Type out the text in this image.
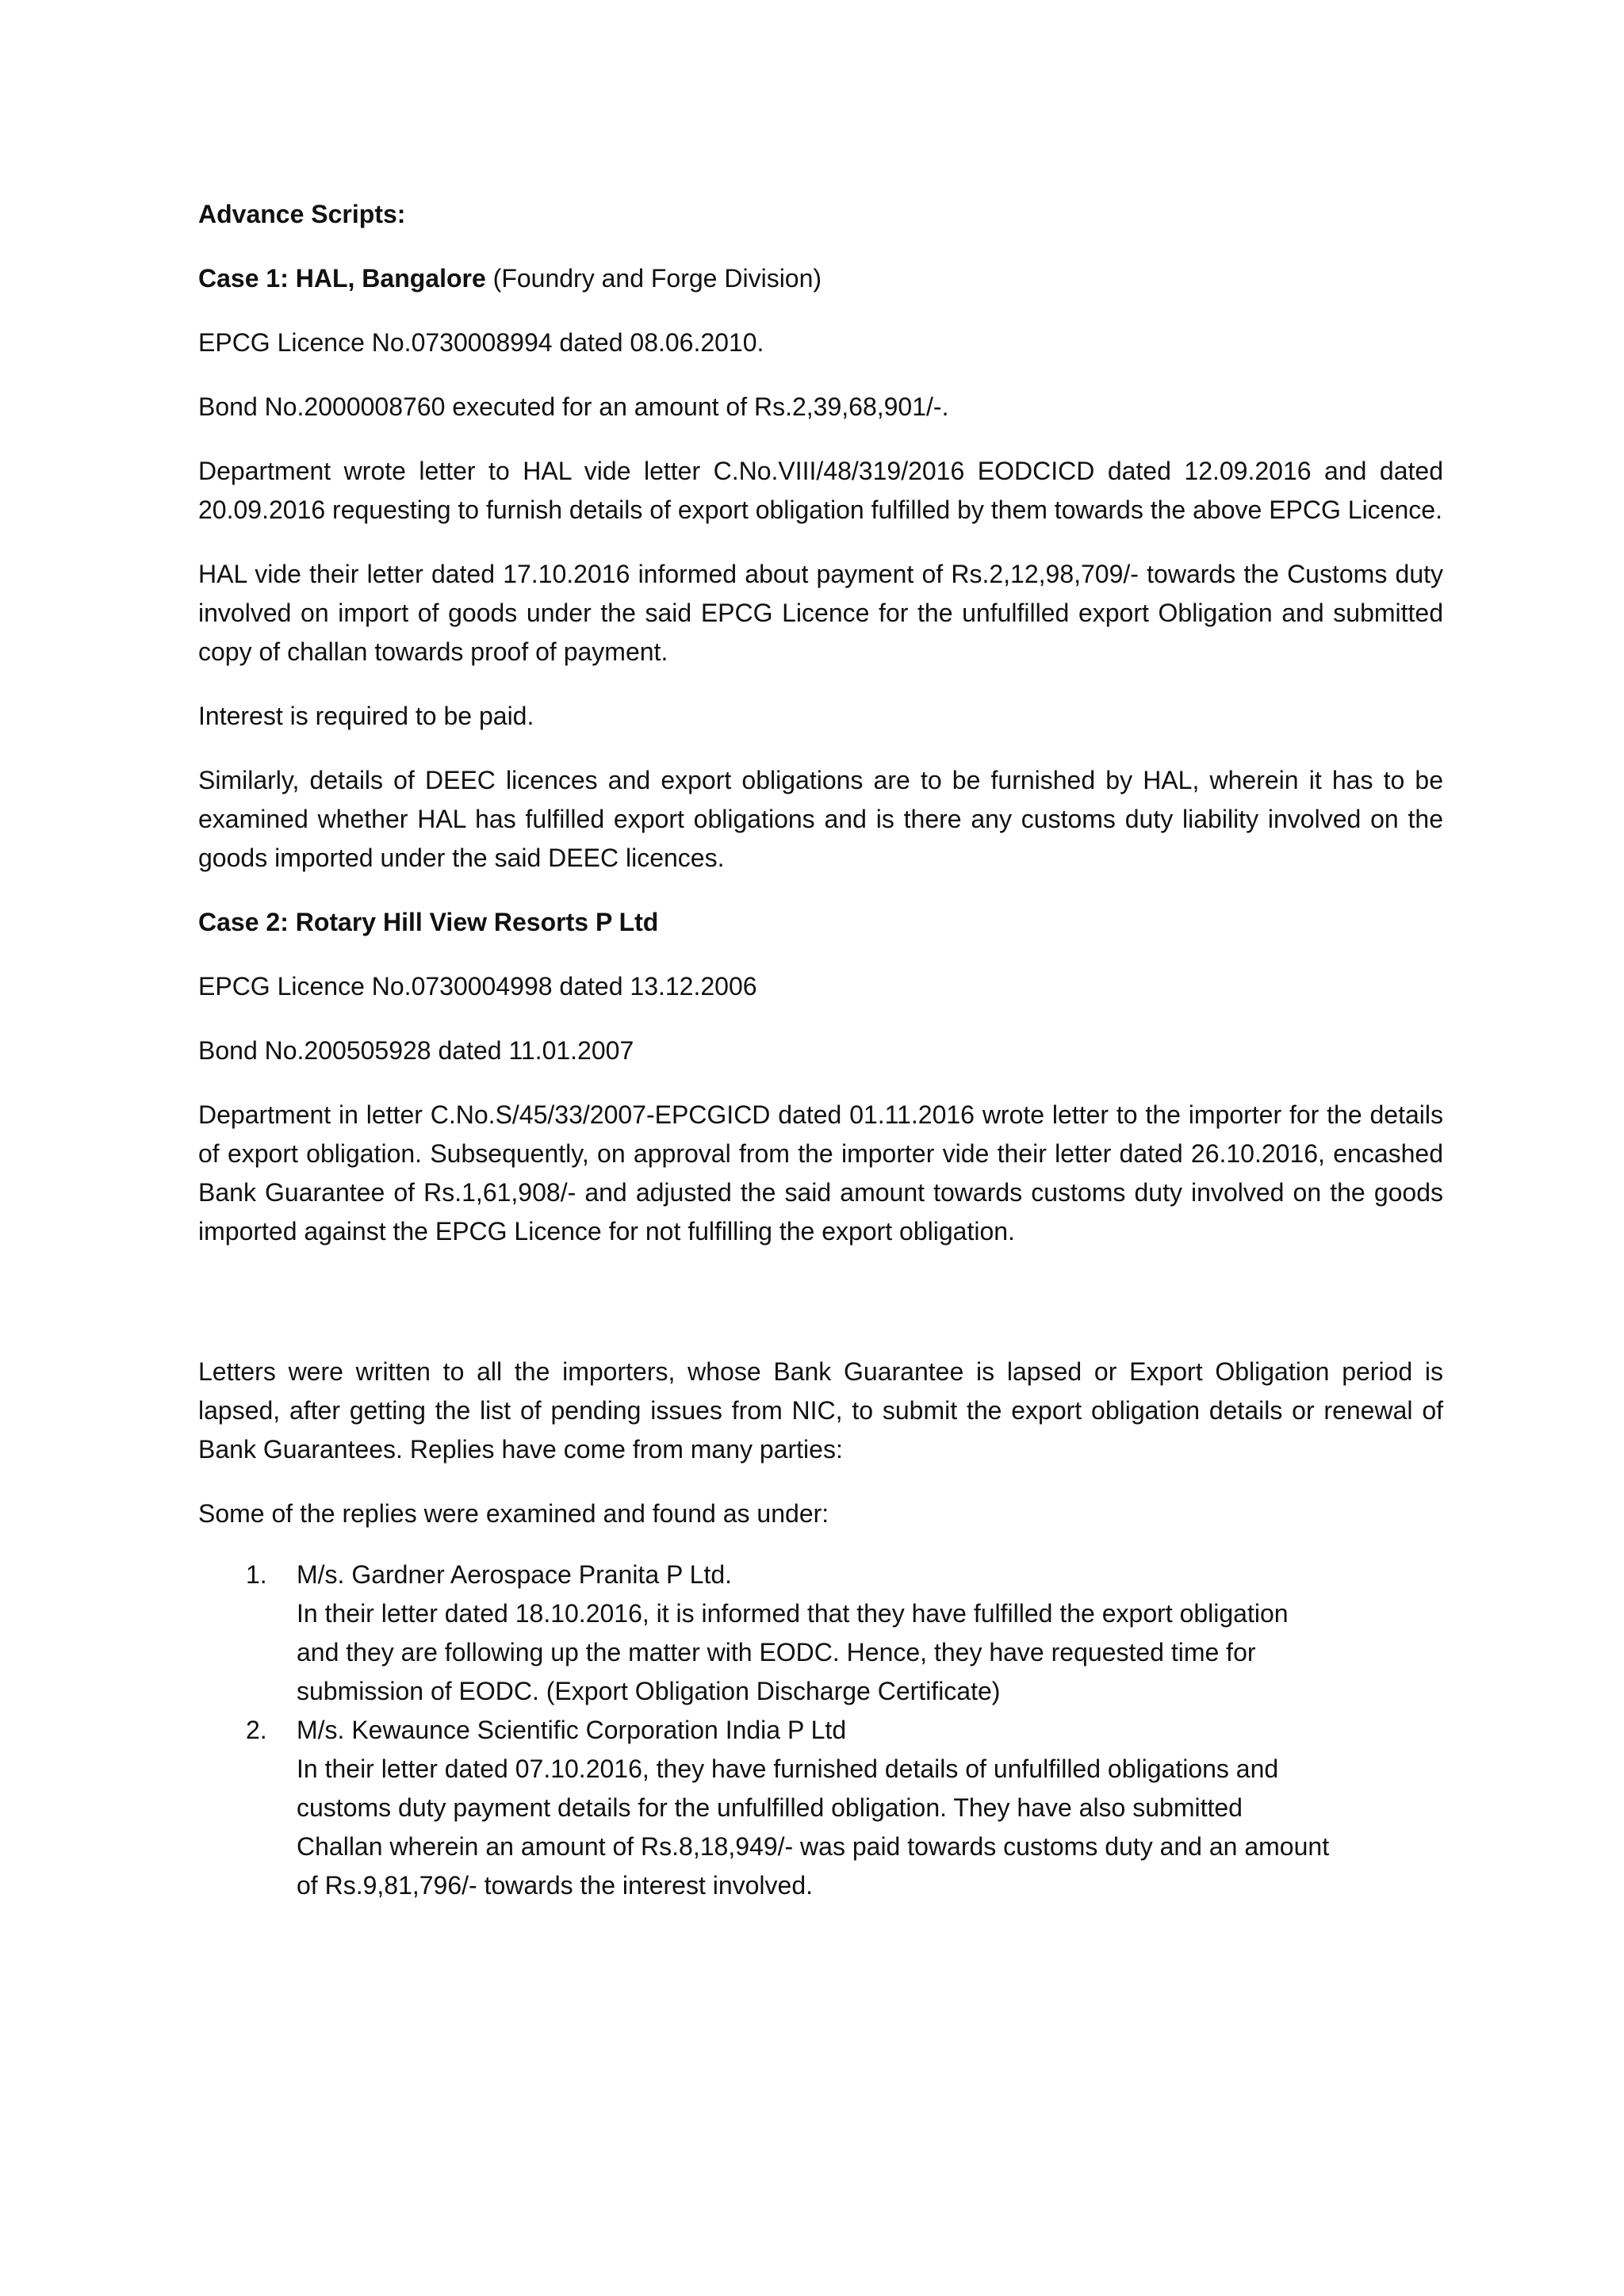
Advance Scripts:

Case 1: HAL, Bangalore (Foundry and Forge Division)

EPCG Licence No.0730008994 dated 08.06.2010.

Bond No.2000008760 executed for an amount of Rs.2,39,68,901/-.

Department wrote letter to HAL vide letter C.No.VIII/48/319/2016 EODCICD dated 12.09.2016 and dated 20.09.2016 requesting to furnish details of export obligation fulfilled by them towards the above EPCG Licence.

HAL vide their letter dated 17.10.2016 informed about payment of Rs.2,12,98,709/- towards the Customs duty involved on import of goods under the said EPCG Licence for the unfulfilled export Obligation and submitted copy of challan towards proof of payment.

Interest is required to be paid.

Similarly, details of DEEC licences and export obligations are to be furnished by HAL, wherein it has to be examined whether HAL has fulfilled export obligations and is there any customs duty liability involved on the goods imported under the said DEEC licences.

Case 2: Rotary Hill View Resorts P Ltd

EPCG Licence No.0730004998 dated 13.12.2006

Bond No.200505928 dated 11.01.2007

Department in letter C.No.S/45/33/2007-EPCGICD dated 01.11.2016 wrote letter to the importer for the details of export obligation. Subsequently, on approval from the importer vide their letter dated 26.10.2016, encashed Bank Guarantee of Rs.1,61,908/- and adjusted the said amount towards customs duty involved on the goods imported against the EPCG Licence for not fulfilling the export obligation.

Letters were written to all the importers, whose Bank Guarantee is lapsed or Export Obligation period is lapsed, after getting the list of pending issues from NIC, to submit the export obligation details or renewal of Bank Guarantees. Replies have come from many parties:

Some of the replies were examined and found as under:

1. M/s. Gardner Aerospace Pranita P Ltd.
In their letter dated 18.10.2016, it is informed that they have fulfilled the export obligation
and they are following up the matter with EODC. Hence, they have requested time for
submission of EODC. (Export Obligation Discharge Certificate)
2. M/s. Kewaunce Scientific Corporation India P Ltd
In their letter dated 07.10.2016, they have furnished details of unfulfilled obligations and
customs duty payment details for the unfulfilled obligation. They have also submitted
Challan wherein an amount of Rs.8,18,949/- was paid towards customs duty and an amount
of Rs.9,81,796/- towards the interest involved.
